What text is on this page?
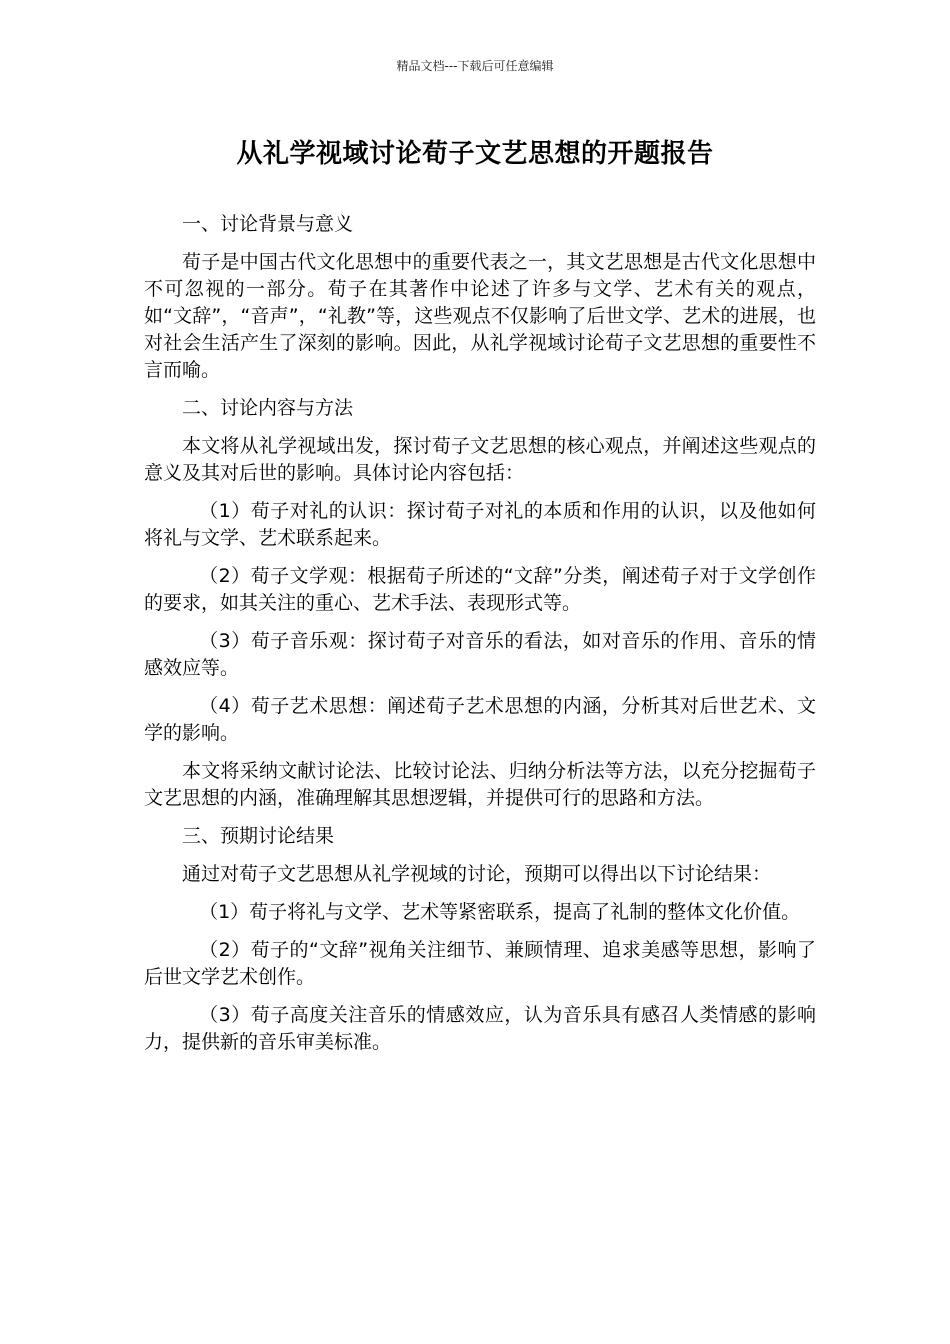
精品文档---下载后可任意编辑
从礼学视域讨论荀子文艺思想的开题报告

一、讨论背景与意义

荀子是中国古代文化思想中的重要代表之一，其文艺思想是古代文化思想中不可忽视的一部分。荀子在其著作中论述了许多与文学、艺术有关的观点，如“文辞”，“音声”，“礼教”等，这些观点不仅影响了后世文学、艺术的进展，也对社会生活产生了深刻的影响。因此，从礼学视域讨论荀子文艺思想的重要性不言而喻。

二、讨论内容与方法

本文将从礼学视域出发，探讨荀子文艺思想的核心观点，并阐述这些观点的意义及其对后世的影响。具体讨论内容包括：

（1）荀子对礼的认识：探讨荀子对礼的本质和作用的认识，以及他如何将礼与文学、艺术联系起来。

（2）荀子文学观：根据荀子所述的“文辞”分类，阐述荀子对于文学创作的要求，如其关注的重心、艺术手法、表现形式等。

（3）荀子音乐观：探讨荀子对音乐的看法，如对音乐的作用、音乐的情感效应等。

（4）荀子艺术思想：阐述荀子艺术思想的内涵，分析其对后世艺术、文学的影响。

本文将采纳文献讨论法、比较讨论法、归纳分析法等方法，以充分挖掘荀子文艺思想的内涵，准确理解其思想逻辑，并提供可行的思路和方法。

三、预期讨论结果

通过对荀子文艺思想从礼学视域的讨论，预期可以得出以下讨论结果：

（1）荀子将礼与文学、艺术等紧密联系，提高了礼制的整体文化价值。

（2）荀子的“文辞”视角关注细节、兼顾情理、追求美感等思想，影响了后世文学艺术创作。

（3）荀子高度关注音乐的情感效应，认为音乐具有感召人类情感的影响力，提供新的音乐审美标准。
